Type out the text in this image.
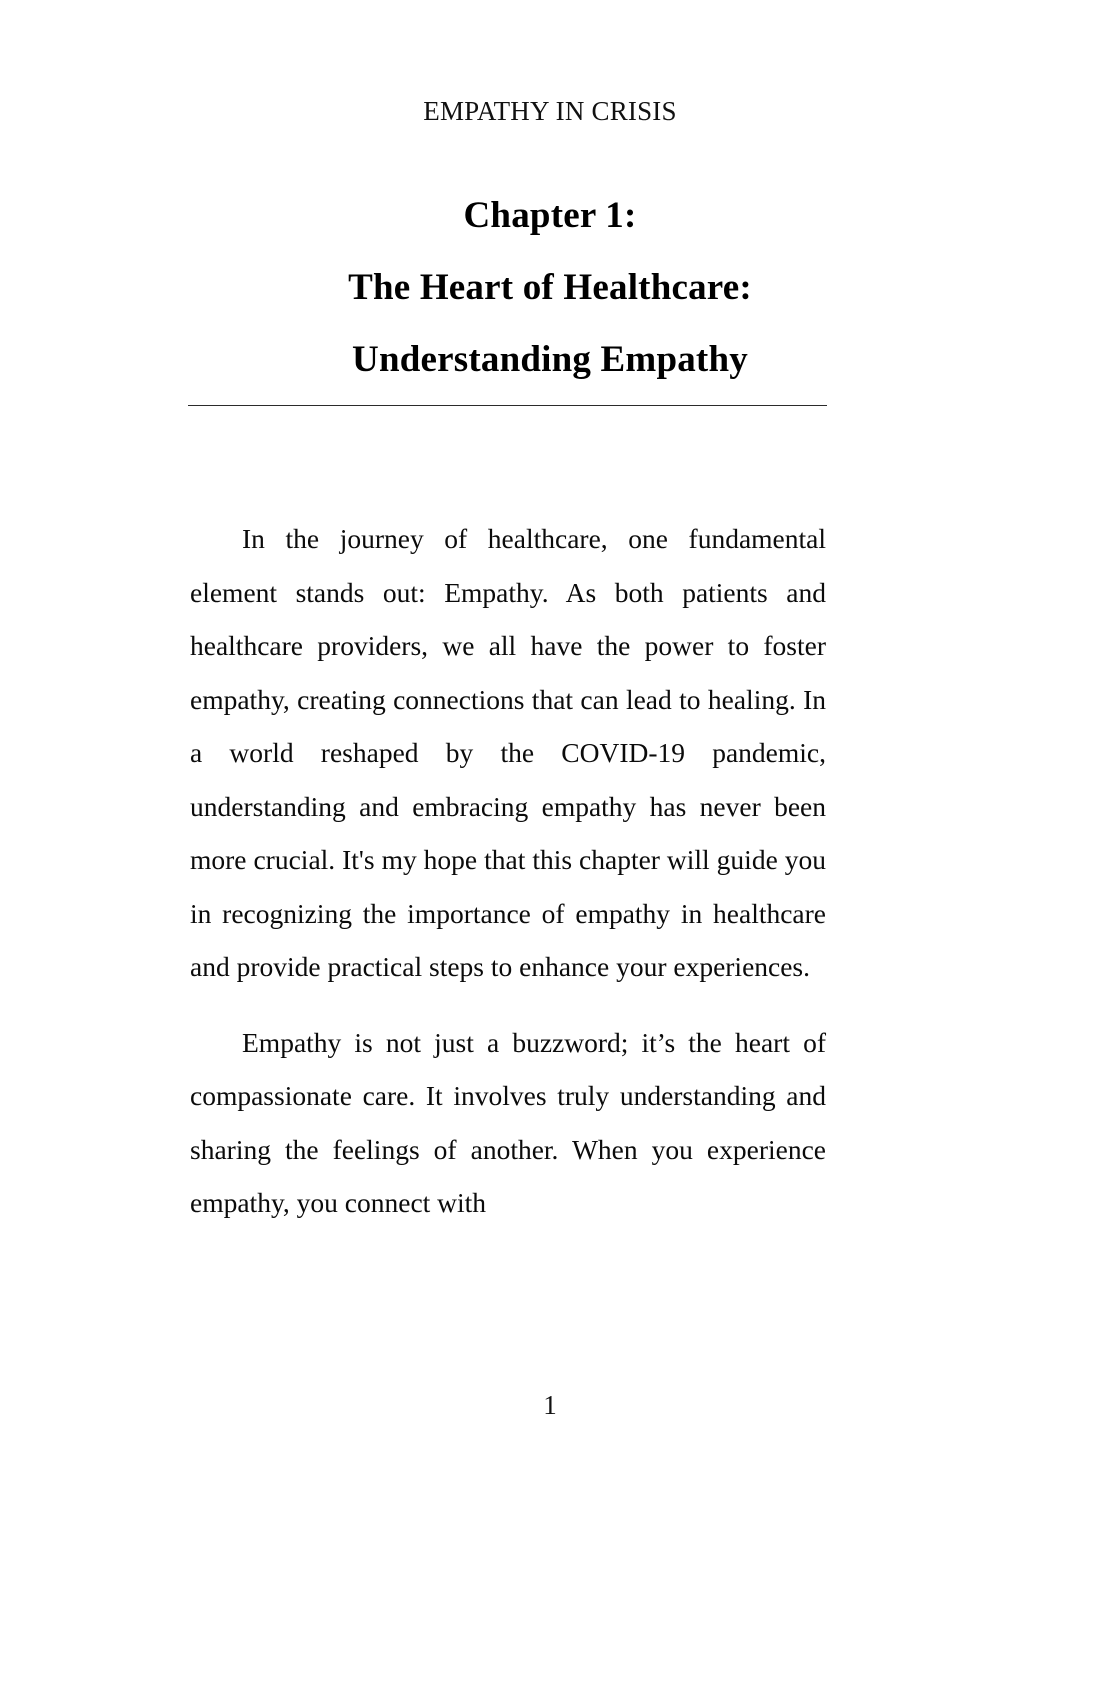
EMPATHY IN CRISIS
Chapter 1:
The Heart of Healthcare:
Understanding Empathy

In the journey of healthcare, one fundamental element stands out: Empathy. As both patients and healthcare providers, we all have the power to foster empathy, creating connections that can lead to healing. In a world reshaped by the COVID-19 pandemic, understanding and embracing empathy has never been more crucial. It's my hope that this chapter will guide you in recognizing the importance of empathy in healthcare and provide practical steps to enhance your experiences.

Empathy is not just a buzzword; it’s the heart of compassionate care. It involves truly understanding and sharing the feelings of another. When you experience empathy, you connect with

1
